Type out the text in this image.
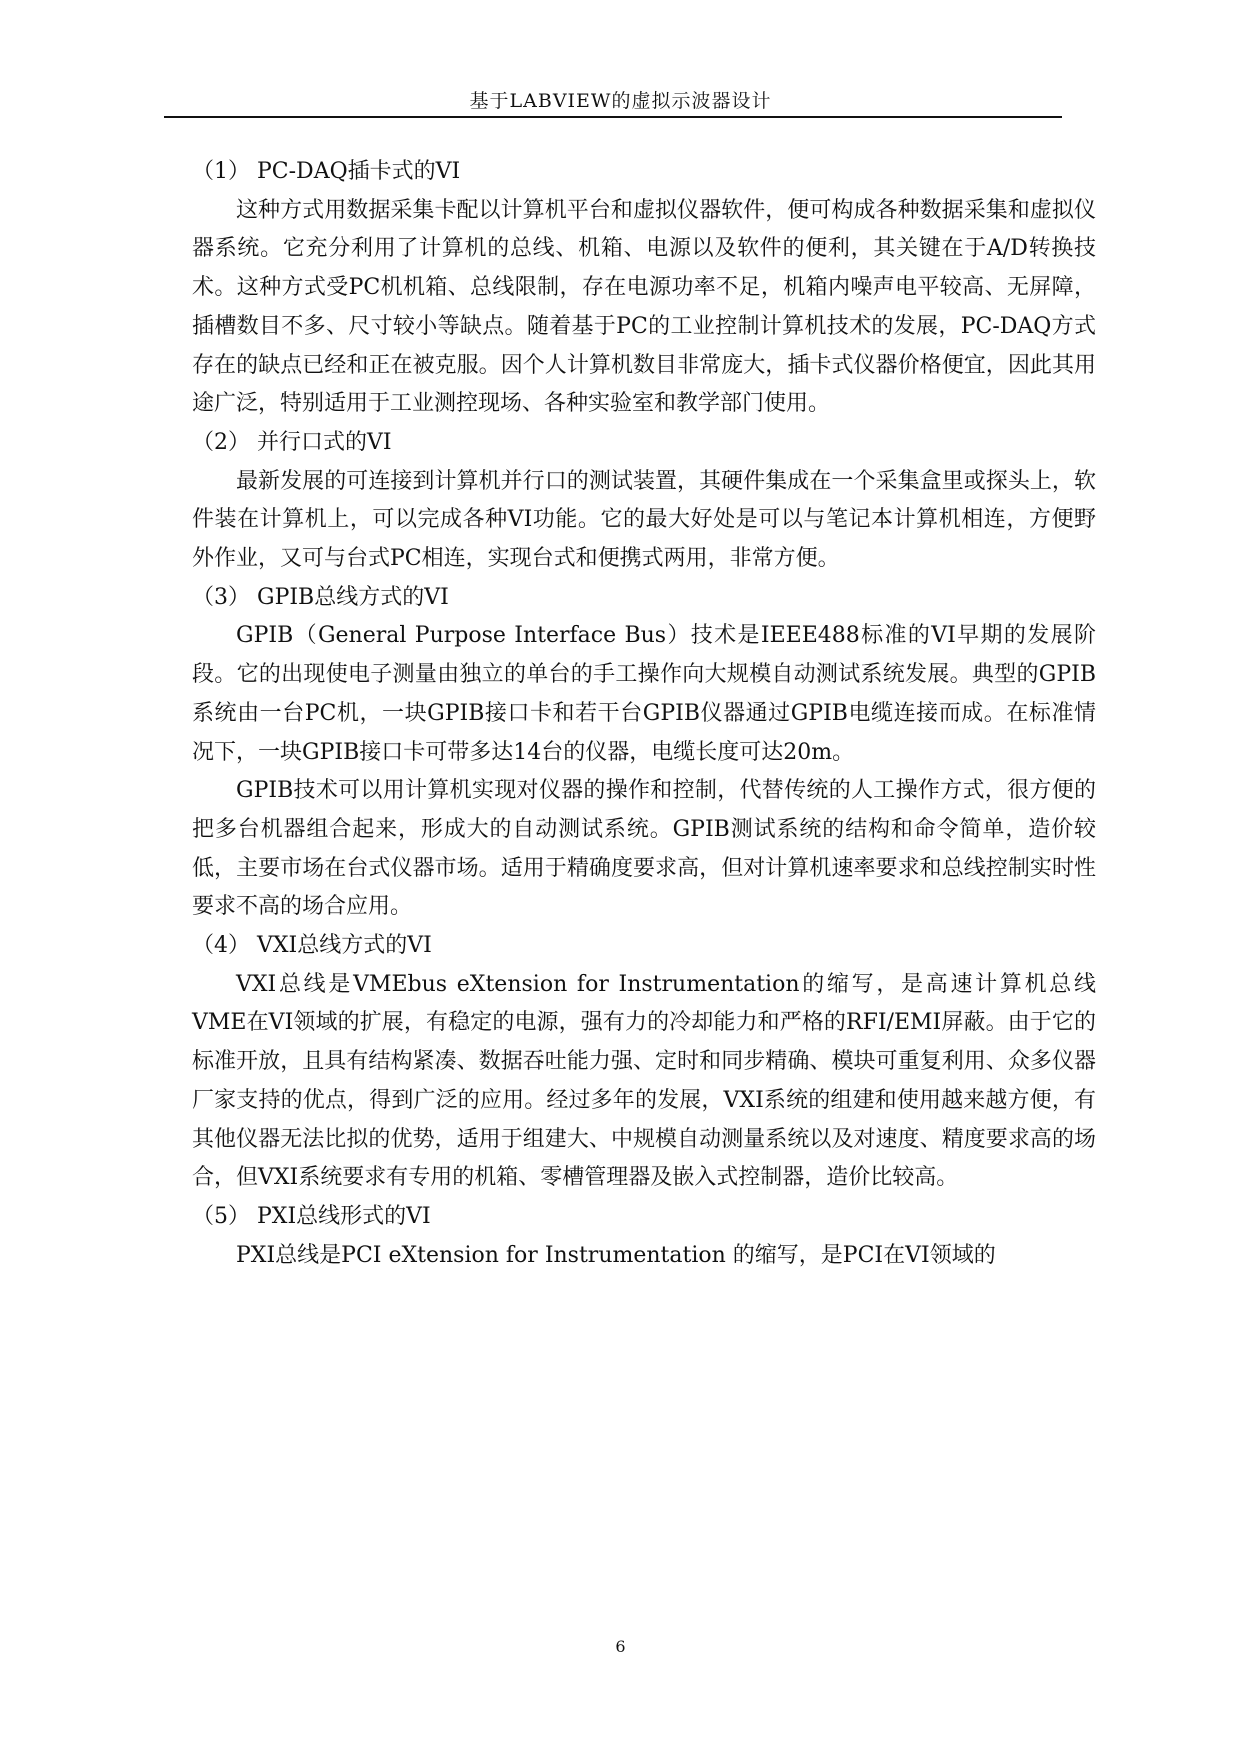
基于LABVIEW的虚拟示波器设计

（1） PC-DAQ插卡式的VI

这种方式用数据采集卡配以计算机平台和虚拟仪器软件，便可构成各种数据采集和虚拟仪器系统。它充分利用了计算机的总线、机箱、电源以及软件的便利，其关键在于A/D转换技术。这种方式受PC机机箱、总线限制，存在电源功率不足，机箱内噪声电平较高、无屏障，插槽数目不多、尺寸较小等缺点。随着基于PC的工业控制计算机技术的发展，PC-DAQ方式存在的缺点已经和正在被克服。因个人计算机数目非常庞大，插卡式仪器价格便宜，因此其用途广泛，特别适用于工业测控现场、各种实验室和教学部门使用。

（2） 并行口式的VI

最新发展的可连接到计算机并行口的测试装置，其硬件集成在一个采集盒里或探头上，软件装在计算机上，可以完成各种VI功能。它的最大好处是可以与笔记本计算机相连，方便野外作业，又可与台式PC相连，实现台式和便携式两用，非常方便。

（3） GPIB总线方式的VI

GPIB（General Purpose Interface Bus）技术是IEEE488标准的VI早期的发展阶段。它的出现使电子测量由独立的单台的手工操作向大规模自动测试系统发展。典型的GPIB系统由一台PC机，一块GPIB接口卡和若干台GPIB仪器通过GPIB电缆连接而成。在标准情况下，一块GPIB接口卡可带多达14台的仪器，电缆长度可达20m。

GPIB技术可以用计算机实现对仪器的操作和控制，代替传统的人工操作方式，很方便的把多台机器组合起来，形成大的自动测试系统。GPIB测试系统的结构和命令简单，造价较低，主要市场在台式仪器市场。适用于精确度要求高，但对计算机速率要求和总线控制实时性要求不高的场合应用。

（4） VXI总线方式的VI

VXI总线是VMEbus eXtension for Instrumentation的缩写，是高速计算机总线VME在VI领域的扩展，有稳定的电源，强有力的冷却能力和严格的RFI/EMI屏蔽。由于它的标准开放，且具有结构紧凑、数据吞吐能力强、定时和同步精确、模块可重复利用、众多仪器厂家支持的优点，得到广泛的应用。经过多年的发展，VXI系统的组建和使用越来越方便，有其他仪器无法比拟的优势，适用于组建大、中规模自动测量系统以及对速度、精度要求高的场合，但VXI系统要求有专用的机箱、零槽管理器及嵌入式控制器，造价比较高。

（5） PXI总线形式的VI

PXI总线是PCI eXtension for Instrumentation 的缩写，是PCI在VI领域的

6
